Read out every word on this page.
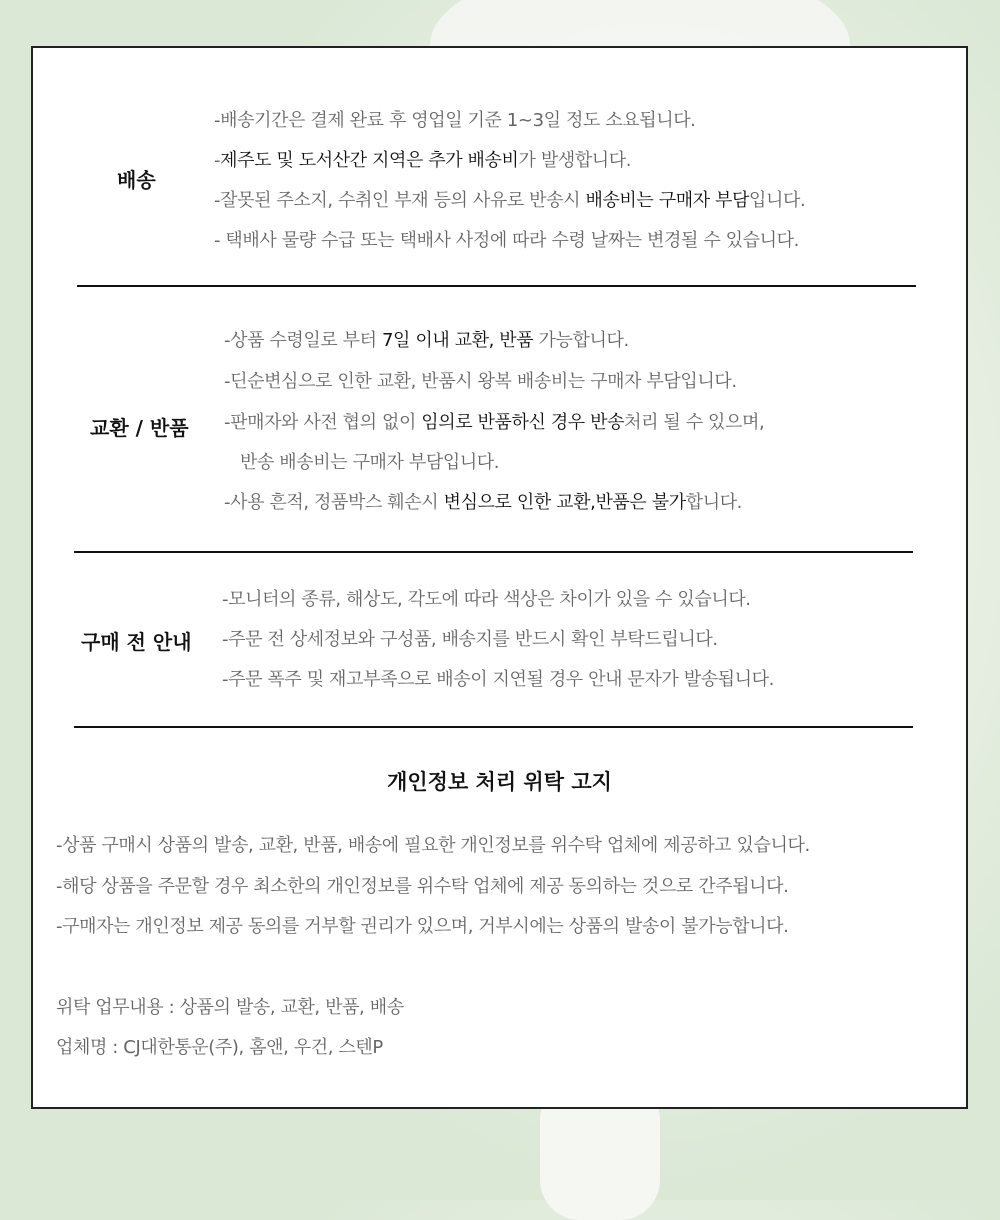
배송
-배송기간은 결제 완료 후 영업일 기준 1~3일 정도 소요됩니다.
-제주도 및 도서산간 지역은 추가 배송비가 발생합니다.
-잘못된 주소지, 수취인 부재 등의 사유로 반송시 배송비는 구매자 부담입니다.
- 택배사 물량 수급 또는 택배사 사정에 따라 수령 날짜는 변경될 수 있습니다.
교환 / 반품
-상품 수령일로 부터 7일 이내 교환, 반품 가능합니다.
-딘순변심으로 인한 교환, 반품시 왕복 배송비는 구매자 부담입니다.
-판매자와 사전 협의 없이 임의로 반품하신 경우 반송처리 될 수 있으며,
반송 배송비는 구매자 부담입니다.
-사용 흔적, 정품박스 훼손시 변심으로 인한 교환,반품은 불가합니다.
구매 전 안내
-모니터의 종류, 해상도, 각도에 따라 색상은 차이가 있을 수 있습니다.
-주문 전 상세정보와 구성품, 배송지를 반드시 확인 부탁드립니다.
-주문 폭주 및 재고부족으로 배송이 지연될 경우 안내 문자가 발송됩니다.
개인정보 처리 위탁 고지
-상품 구매시 상품의 발송, 교환, 반품, 배송에 필요한 개인정보를 위수탁 업체에 제공하고 있습니다.
-해당 상품을 주문할 경우 최소한의 개인정보를 위수탁 업체에 제공 동의하는 것으로 간주됩니다.
-구매자는 개인정보 제공 동의를 거부할 권리가 있으며, 거부시에는 상품의 발송이 불가능합니다.
위탁 업무내용 : 상품의 발송, 교환, 반품, 배송
업체명 : CJ대한통운(주), 홈앤, 우건, 스텐P
